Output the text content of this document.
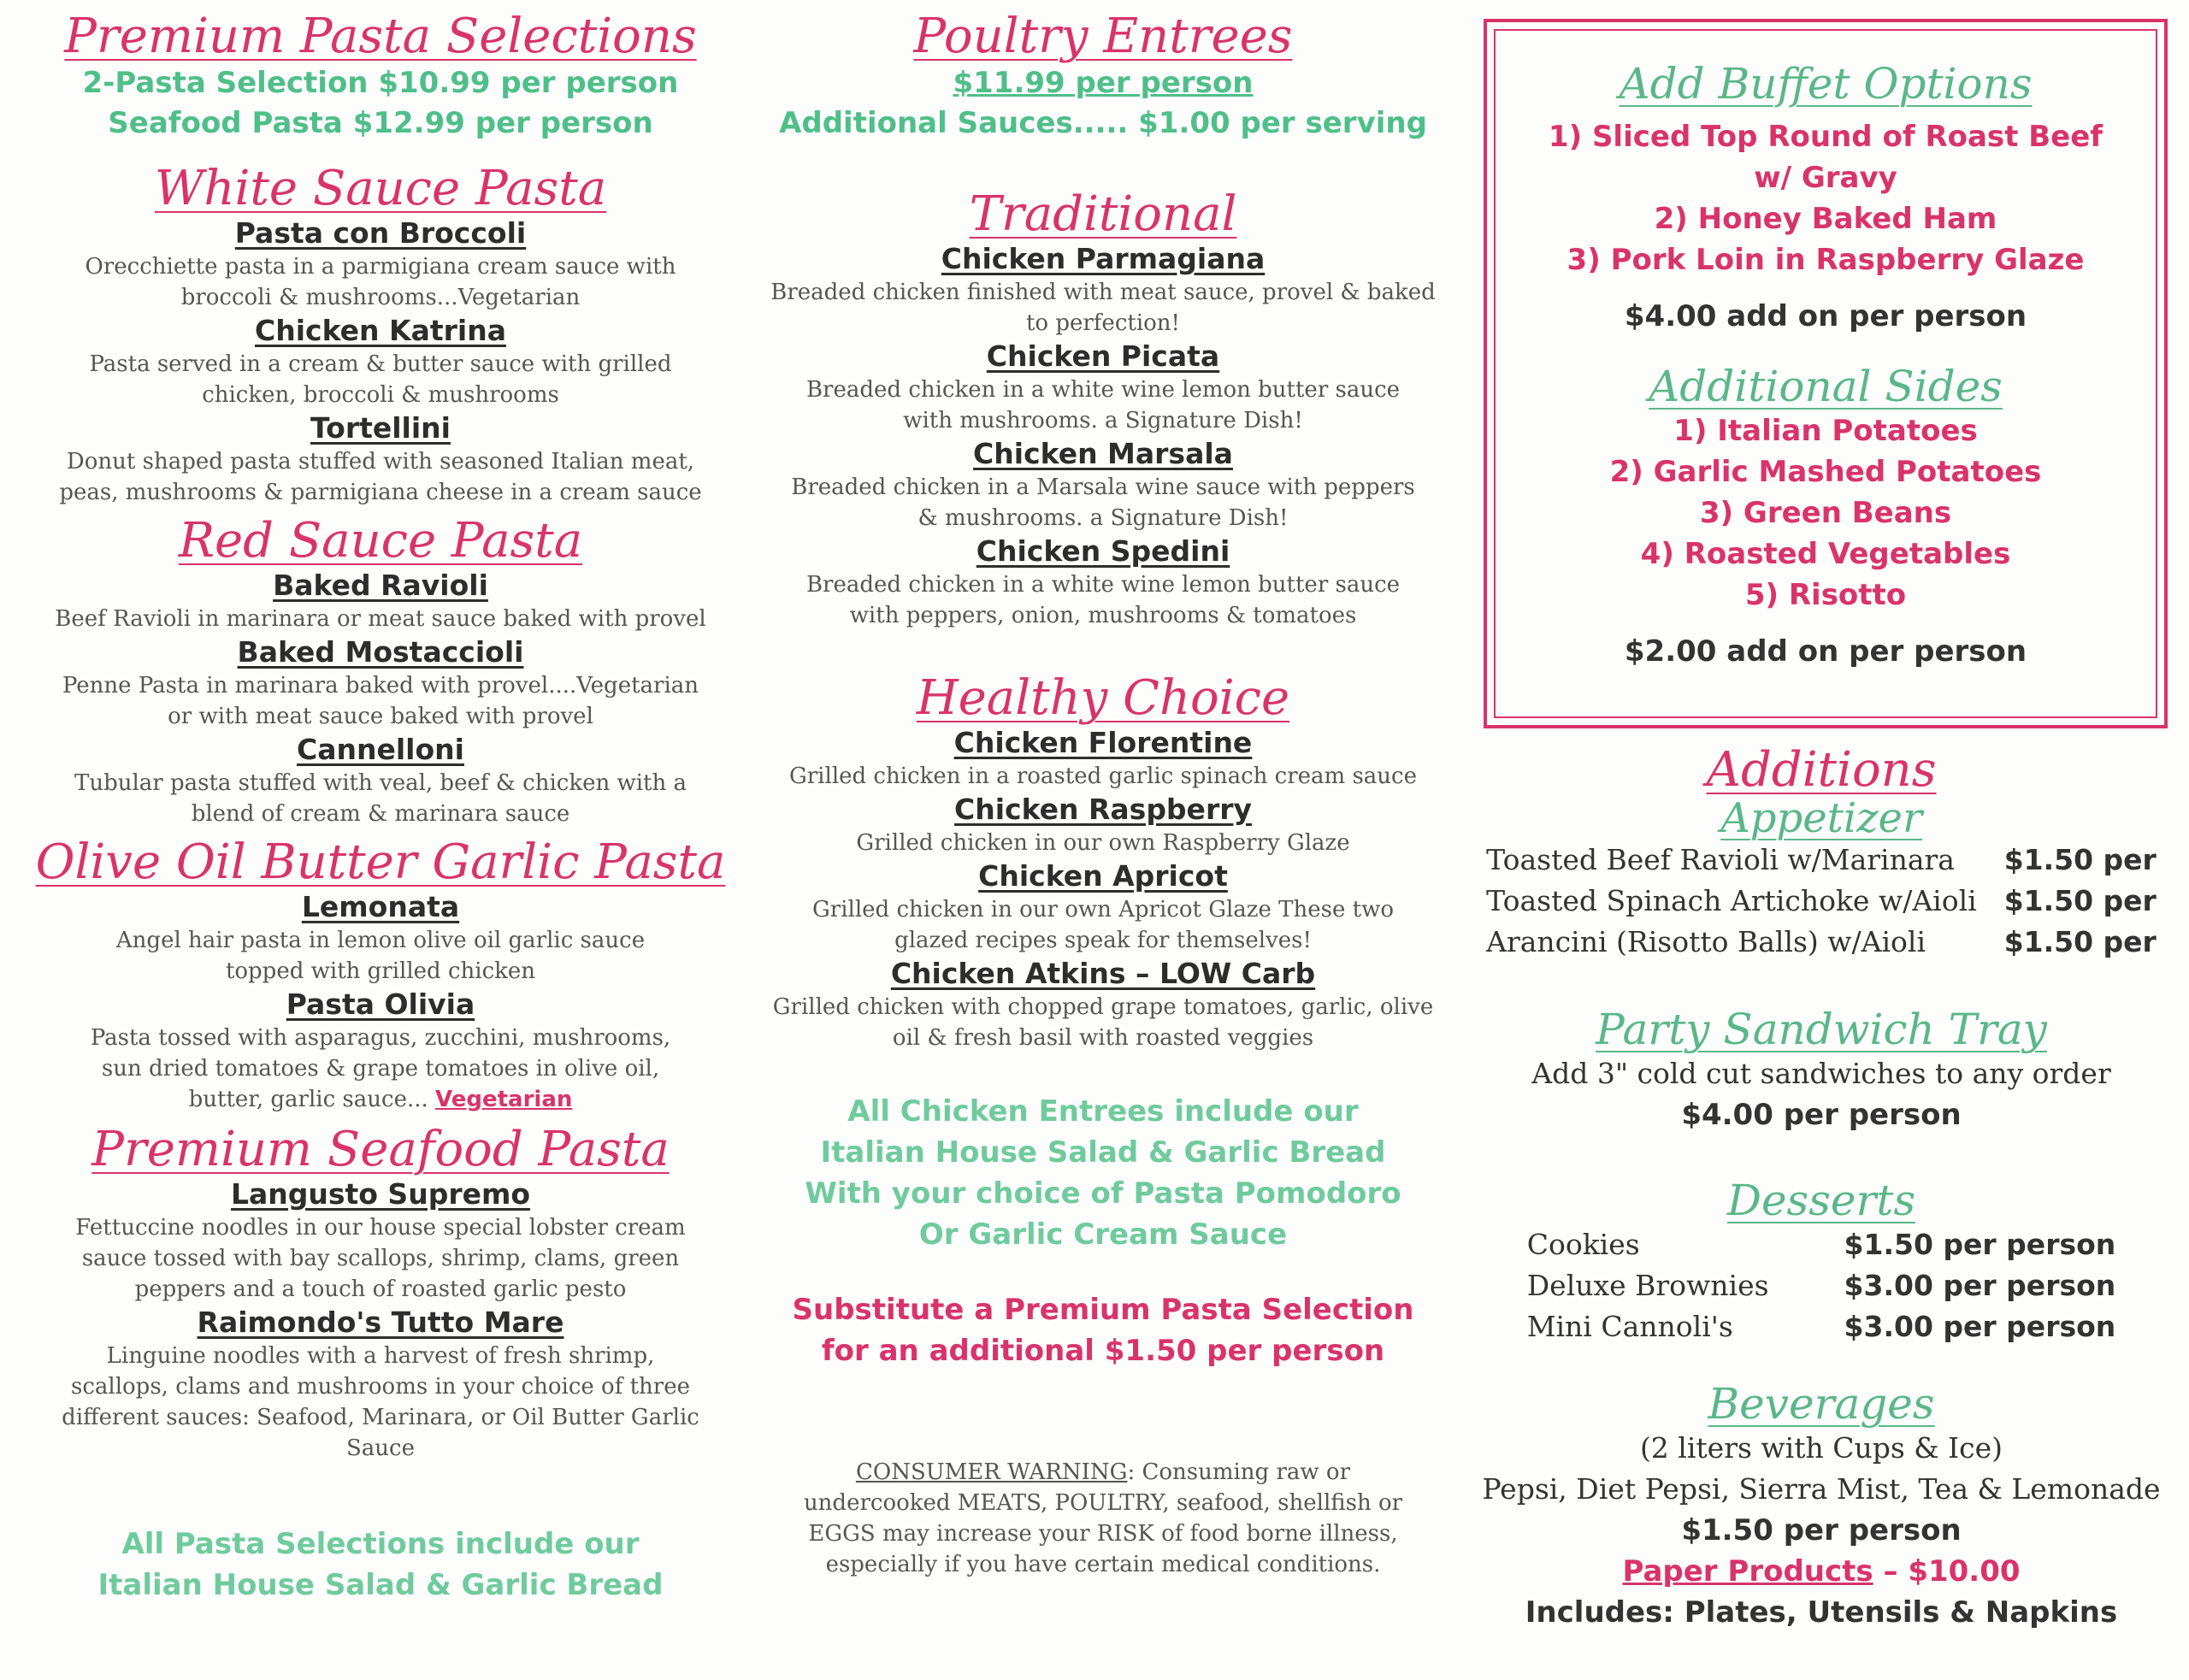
Premium Pasta Selections
2-Pasta Selection $10.99 per person
Seafood Pasta $12.99 per person
White Sauce Pasta
Pasta con Broccoli
Orecchiette pasta in a parmigiana cream sauce with broccoli & mushrooms...Vegetarian
Chicken Katrina
Pasta served in a cream & butter sauce with grilled chicken, broccoli & mushrooms
Tortellini
Donut shaped pasta stuffed with seasoned Italian meat, peas, mushrooms & parmigiana cheese in a cream sauce
Red Sauce Pasta
Baked Ravioli
Beef Ravioli in marinara or meat sauce baked with provel
Baked Mostaccioli
Penne Pasta in marinara baked with provel....Vegetarian or with meat sauce baked with provel
Cannelloni
Tubular pasta stuffed with veal, beef & chicken with a blend of cream & marinara sauce
Olive Oil Butter Garlic Pasta
Lemonata
Angel hair pasta in lemon olive oil garlic sauce topped with grilled chicken
Pasta Olivia
Pasta tossed with asparagus, zucchini, mushrooms, sun dried tomatoes & grape tomatoes in olive oil, butter, garlic sauce... Vegetarian
Premium Seafood Pasta
Langusto Supremo
Fettuccine noodles in our house special lobster cream sauce tossed with bay scallops, shrimp, clams, green peppers and a touch of roasted garlic pesto
Raimondo's Tutto Mare
Linguine noodles with a harvest of fresh shrimp, scallops, clams and mushrooms in your choice of three different sauces: Seafood, Marinara, or Oil Butter Garlic Sauce
All Pasta Selections include our
Italian House Salad & Garlic Bread
Poultry Entrees
$11.99 per person
Additional Sauces..... $1.00 per serving
Traditional
Chicken Parmagiana
Breaded chicken finished with meat sauce, provel & baked to perfection!
Chicken Picata
Breaded chicken in a white wine lemon butter sauce with mushrooms. a Signature Dish!
Chicken Marsala
Breaded chicken in a Marsala wine sauce with peppers & mushrooms. a Signature Dish!
Chicken Spedini
Breaded chicken in a white wine lemon butter sauce with peppers, onion, mushrooms & tomatoes
Healthy Choice
Chicken Florentine
Grilled chicken in a roasted garlic spinach cream sauce
Chicken Raspberry
Grilled chicken in our own Raspberry Glaze
Chicken Apricot
Grilled chicken in our own Apricot Glaze These two glazed recipes speak for themselves!
Chicken Atkins – LOW Carb
Grilled chicken with chopped grape tomatoes, garlic, olive oil & fresh basil with roasted veggies
All Chicken Entrees include our
Italian House Salad & Garlic Bread
With your choice of Pasta Pomodoro
Or Garlic Cream Sauce
Substitute a Premium Pasta Selection
for an additional $1.50 per person
CONSUMER WARNING: Consuming raw or undercooked MEATS, POULTRY, seafood, shellfish or EGGS may increase your RISK of food borne illness, especially if you have certain medical conditions.
Add Buffet Options
1) Sliced Top Round of Roast Beef
w/ Gravy
2) Honey Baked Ham
3) Pork Loin in Raspberry Glaze
$4.00 add on per person
Additional Sides
1) Italian Potatoes
2) Garlic Mashed Potatoes
3) Green Beans
4) Roasted Vegetables
5) Risotto
$2.00 add on per person
Additions
Appetizer
Toasted Beef Ravioli w/Marinara	$1.50 per
Toasted Spinach Artichoke w/Aioli	$1.50 per
Arancini (Risotto Balls) w/Aioli	$1.50 per
Party Sandwich Tray
Add 3" cold cut sandwiches to any order
$4.00 per person
Desserts
Cookies	$1.50 per person
Deluxe Brownies	$3.00 per person
Mini Cannoli's	$3.00 per person
Beverages
(2 liters with Cups & Ice)
Pepsi, Diet Pepsi, Sierra Mist, Tea & Lemonade
$1.50 per person
Paper Products – $10.00
Includes: Plates, Utensils & Napkins
